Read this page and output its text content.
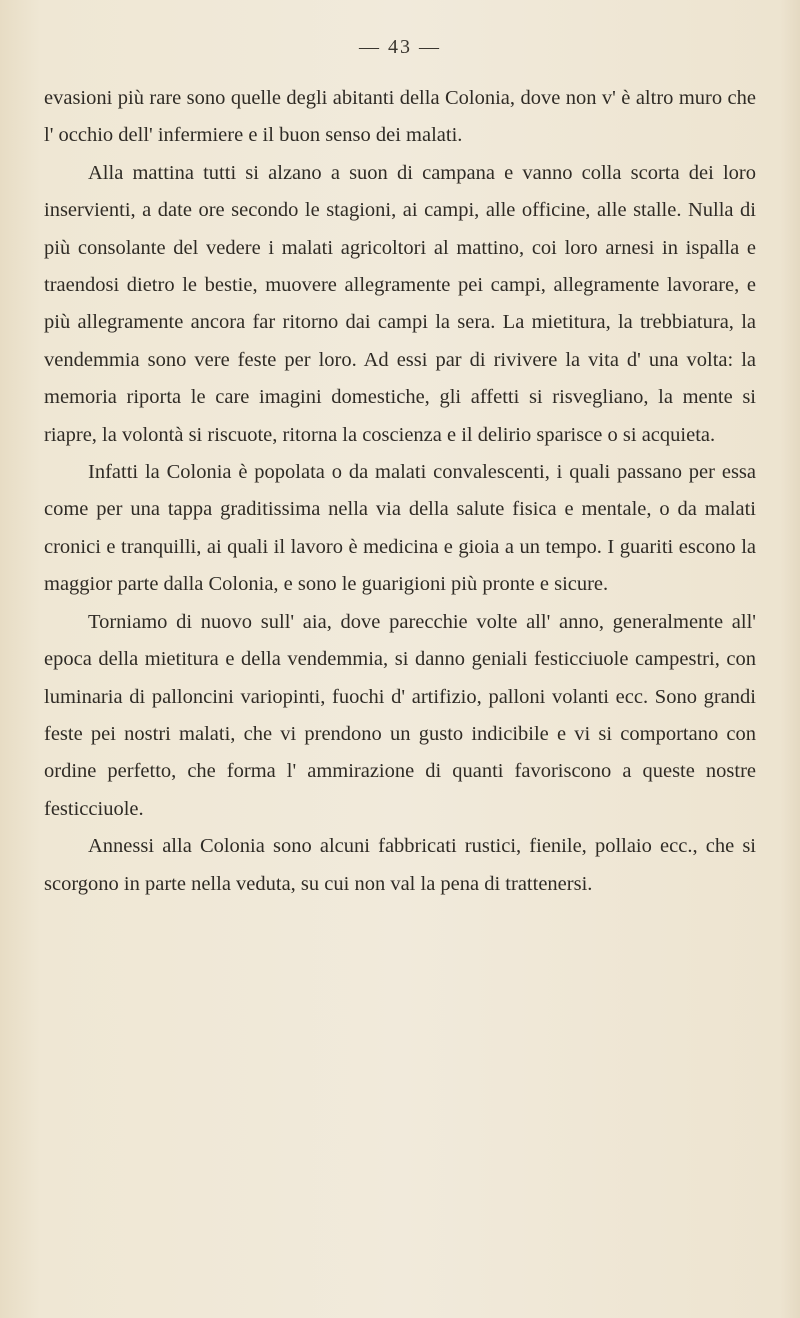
— 43 —

evasioni più rare sono quelle degli abitanti della Colonia, dove non v' è altro muro che l' occhio dell' infermiere e il buon senso dei malati.

Alla mattina tutti si alzano a suon di campana e vanno colla scorta dei loro inservienti, a date ore secondo le stagioni, ai campi, alle officine, alle stalle. Nulla di più consolante del vedere i malati agricoltori al mattino, coi loro arnesi in ispalla e traendosi dietro le bestie, muovere allegramente pei campi, allegramente lavorare, e più allegramente ancora far ritorno dai campi la sera. La mietitura, la trebbiatura, la vendemmia sono vere feste per loro. Ad essi par di rivivere la vita d' una volta: la memoria riporta le care imagini domestiche, gli affetti si risvegliano, la mente si riapre, la volontà si riscuote, ritorna la coscienza e il delirio sparisce o si acquieta.

Infatti la Colonia è popolata o da malati convalescenti, i quali passano per essa come per una tappa graditissima nella via della salute fisica e mentale, o da malati cronici e tranquilli, ai quali il lavoro è medicina e gioia a un tempo. I guariti escono la maggior parte dalla Colonia, e sono le guarigioni più pronte e sicure.

Torniamo di nuovo sull' aia, dove parecchie volte all' anno, generalmente all' epoca della mietitura e della vendemmia, si danno geniali festicciuole campestri, con luminaria di palloncini variopinti, fuochi d' artifizio, palloni volanti ecc. Sono grandi feste pei nostri malati, che vi prendono un gusto indicibile e vi si comportano con ordine perfetto, che forma l' ammirazione di quanti favoriscono a queste nostre festicciuole.

Annessi alla Colonia sono alcuni fabbricati rustici, fienile, pollaio ecc., che si scorgono in parte nella veduta, su cui non val la pena di trattenersi.
